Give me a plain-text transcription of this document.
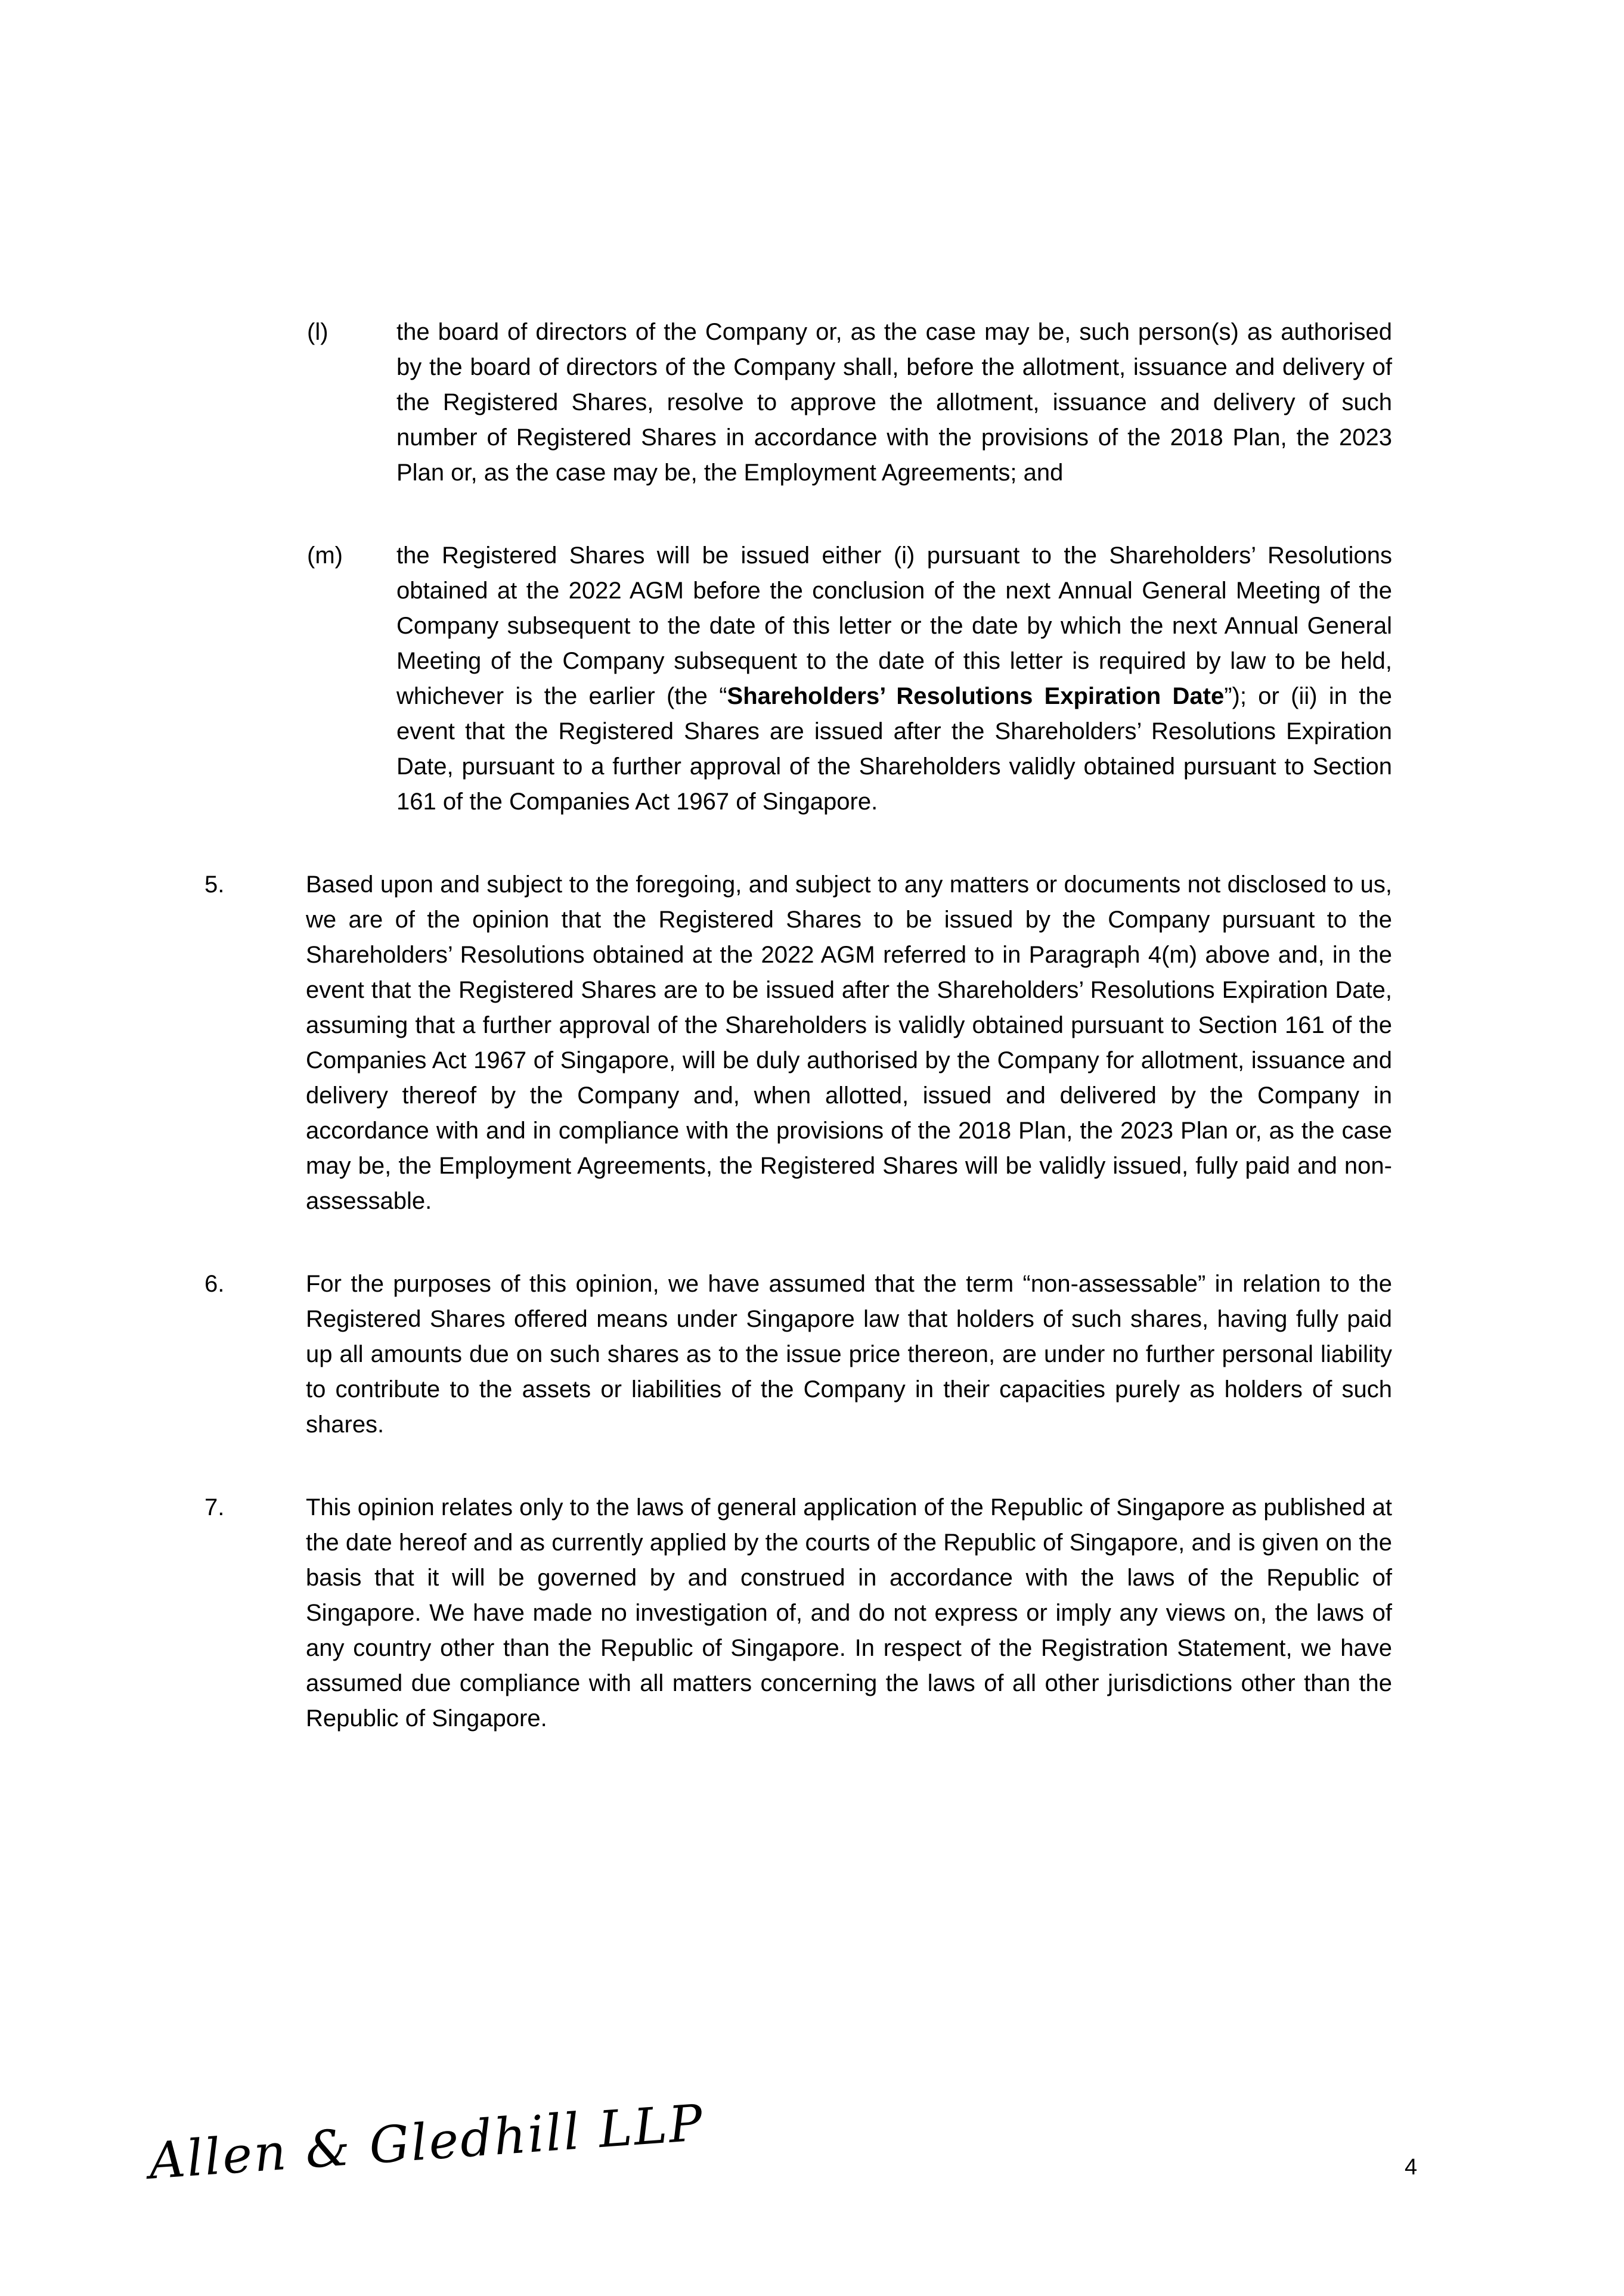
(l)	the board of directors of the Company or, as the case may be, such person(s) as authorised by the board of directors of the Company shall, before the allotment, issuance and delivery of the Registered Shares, resolve to approve the allotment, issuance and delivery of such number of Registered Shares in accordance with the provisions of the 2018 Plan, the 2023 Plan or, as the case may be, the Employment Agreements; and
(m)	the Registered Shares will be issued either (i) pursuant to the Shareholders’ Resolutions obtained at the 2022 AGM before the conclusion of the next Annual General Meeting of the Company subsequent to the date of this letter or the date by which the next Annual General Meeting of the Company subsequent to the date of this letter is required by law to be held, whichever is the earlier (the “Shareholders’ Resolutions Expiration Date”); or (ii) in the event that the Registered Shares are issued after the Shareholders’ Resolutions Expiration Date, pursuant to a further approval of the Shareholders validly obtained pursuant to Section 161 of the Companies Act 1967 of Singapore.
5.	Based upon and subject to the foregoing, and subject to any matters or documents not disclosed to us, we are of the opinion that the Registered Shares to be issued by the Company pursuant to the Shareholders’ Resolutions obtained at the 2022 AGM referred to in Paragraph 4(m) above and, in the event that the Registered Shares are to be issued after the Shareholders’ Resolutions Expiration Date, assuming that a further approval of the Shareholders is validly obtained pursuant to Section 161 of the Companies Act 1967 of Singapore, will be duly authorised by the Company for allotment, issuance and delivery thereof by the Company and, when allotted, issued and delivered by the Company in accordance with and in compliance with the provisions of the 2018 Plan, the 2023 Plan or, as the case may be, the Employment Agreements, the Registered Shares will be validly issued, fully paid and non-assessable.
6.	For the purposes of this opinion, we have assumed that the term “non-assessable” in relation to the Registered Shares offered means under Singapore law that holders of such shares, having fully paid up all amounts due on such shares as to the issue price thereon, are under no further personal liability to contribute to the assets or liabilities of the Company in their capacities purely as holders of such shares.
7.	This opinion relates only to the laws of general application of the Republic of Singapore as published at the date hereof and as currently applied by the courts of the Republic of Singapore, and is given on the basis that it will be governed by and construed in accordance with the laws of the Republic of Singapore. We have made no investigation of, and do not express or imply any views on, the laws of any country other than the Republic of Singapore. In respect of the Registration Statement, we have assumed due compliance with all matters concerning the laws of all other jurisdictions other than the Republic of Singapore.
Allen & Gledhill LLP	4
